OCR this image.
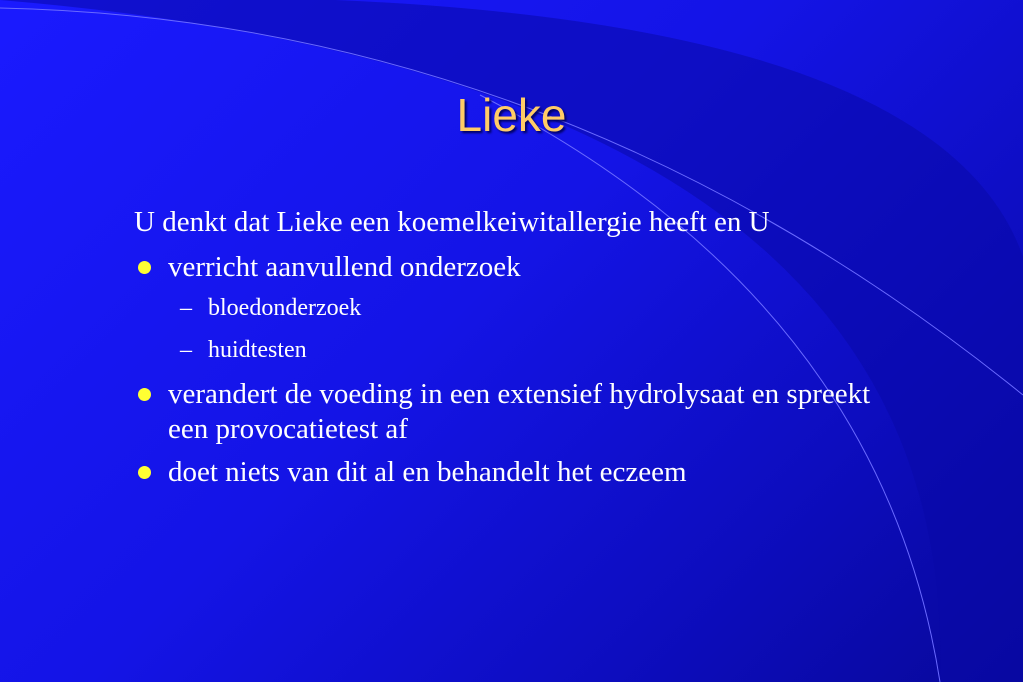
Lieke

U denkt dat Lieke een koemelkeiwitallergie heeft en U

verricht aanvullend onderzoek
– bloedonderzoek
– huidtesten
verandert de voeding in een extensief hydrolysaat en spreekt een provocatietest af
doet niets van dit al en behandelt het eczeem
